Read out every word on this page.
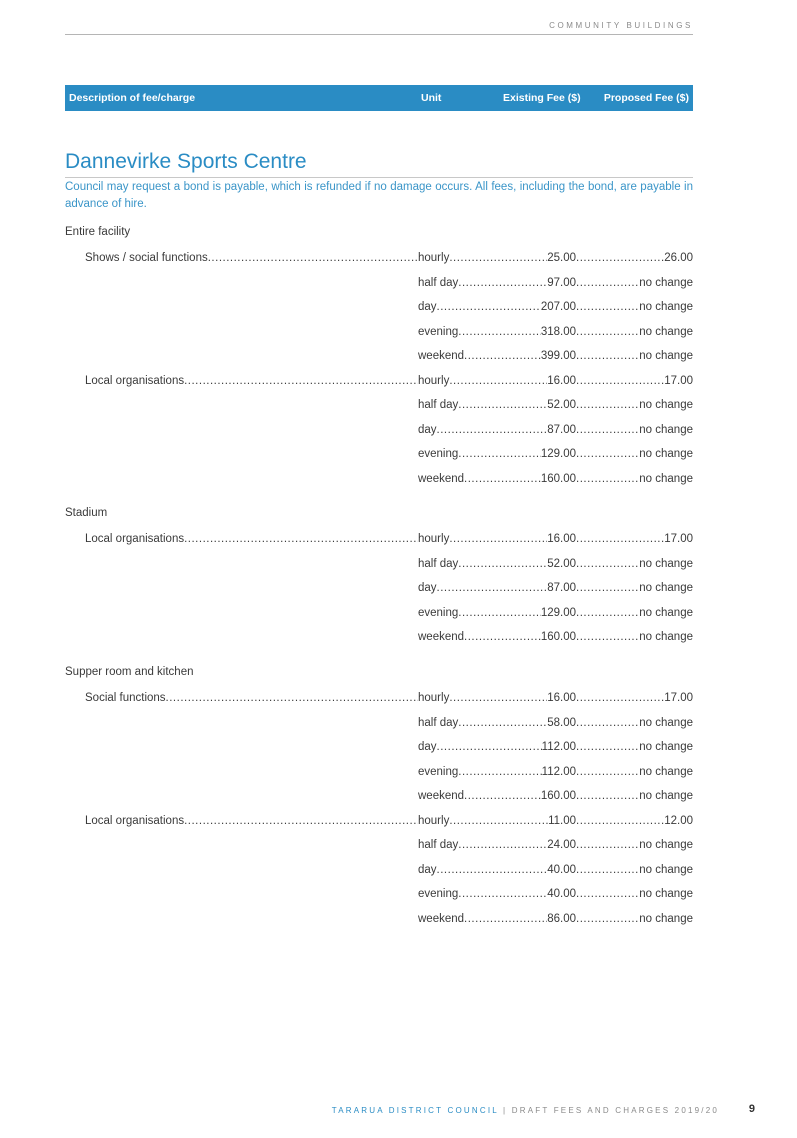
COMMUNITY BUILDINGS
Description of fee/charge	Unit	Existing Fee ($) Proposed Fee ($)
Dannevirke Sports Centre
Council may request a bond is payable, which is refunded if no damage occurs. All fees, including the bond, are payable in advance of hire.
Entire facility
Stadium
Supper room and kitchen
Shows / social functions .....	hourly .....	25.00 .....	26.00
half day .....	97.00 .....	no change
day .....	207.00 .....	no change
evening .....	318.00 .....	no change
weekend .....	399.00 .....	no change
Local organisations .....	hourly .....	16.00 .....	17.00
half day .....	52.00 .....	no change
day .....	87.00 .....	no change
evening .....	129.00 .....	no change
weekend .....	160.00 .....	no change
Local organisations .....	hourly .....	16.00 .....	17.00
half day .....	52.00 .....	no change
day .....	87.00 .....	no change
evening .....	129.00 .....	no change
weekend .....	160.00 .....	no change
Social functions .....	hourly .....	16.00 .....	17.00
half day .....	58.00 .....	no change
day .....	112.00 .....	no change
evening .....	112.00 .....	no change
weekend .....	160.00 .....	no change
Local organisations .....	hourly .....	11.00 .....	12.00
half day .....	24.00 .....	no change
day .....	40.00 .....	no change
evening .....	40.00 .....	no change
weekend .....	86.00 .....	no change
TARARUA DISTRICT COUNCIL | DRAFT FEES AND CHARGES 2019/20	9
